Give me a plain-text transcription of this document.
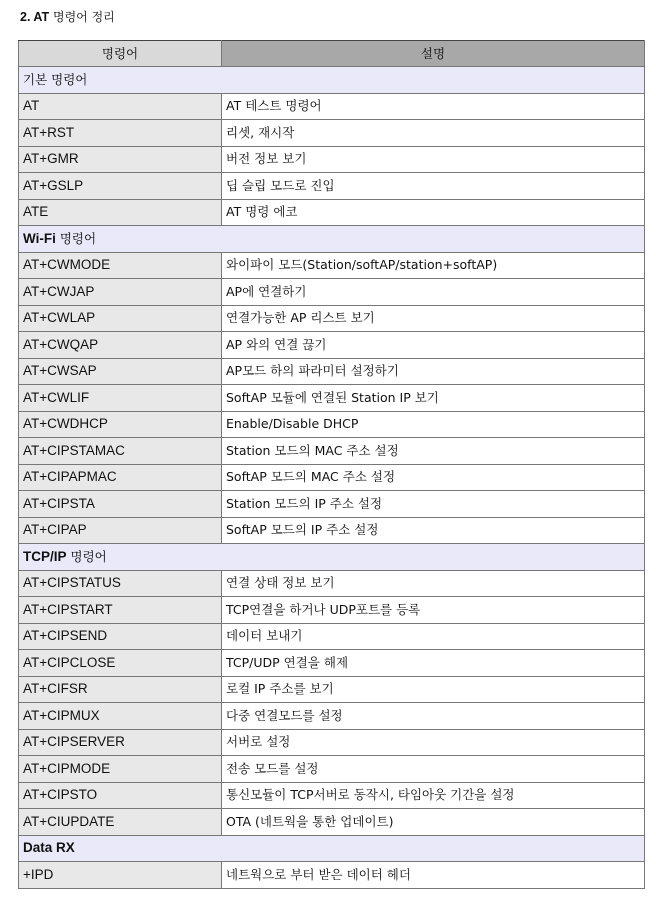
2. AT 명령어 정리
명령어	설명
기본 명령어	
AT	AT 테스트 명령어
AT+RST	리셋, 재시작
AT+GMR	버전 정보 보기
AT+GSLP	딥 슬립 모드로 진입
ATE	AT 명령 에코
Wi-Fi 명령어	
AT+CWMODE	와이파이 모드(Station/softAP/station+softAP)
AT+CWJAP	AP에 연결하기
AT+CWLAP	연결가능한 AP 리스트 보기
AT+CWQAP	AP 와의 연결 끊기
AT+CWSAP	AP모드 하의 파라미터 설정하기
AT+CWLIF	SoftAP 모듈에 연결된 Station IP 보기
AT+CWDHCP	Enable/Disable DHCP
AT+CIPSTAMAC	Station 모드의 MAC 주소 설정
AT+CIPAPMAC	SoftAP 모드의 MAC 주소 설정
AT+CIPSTA	Station 모드의 IP 주소 설정
AT+CIPAP	SoftAP 모드의 IP 주소 설정
TCP/IP 명령어	
AT+CIPSTATUS	연결 상태 정보 보기
AT+CIPSTART	TCP연결을 하거나 UDP포트를 등록
AT+CIPSEND	데이터 보내기
AT+CIPCLOSE	TCP/UDP 연결을 해제
AT+CIFSR	로컬 IP 주소를 보기
AT+CIPMUX	다중 연결모드를 설정
AT+CIPSERVER	서버로 설정
AT+CIPMODE	전송 모드를 설정
AT+CIPSTO	통신모듈이 TCP서버로 동작시, 타임아웃 기간을 설정
AT+CIUPDATE	OTA (네트웍을 통한 업데이트)
Data RX	
+IPD	네트웍으로 부터 받은 데이터 헤더
